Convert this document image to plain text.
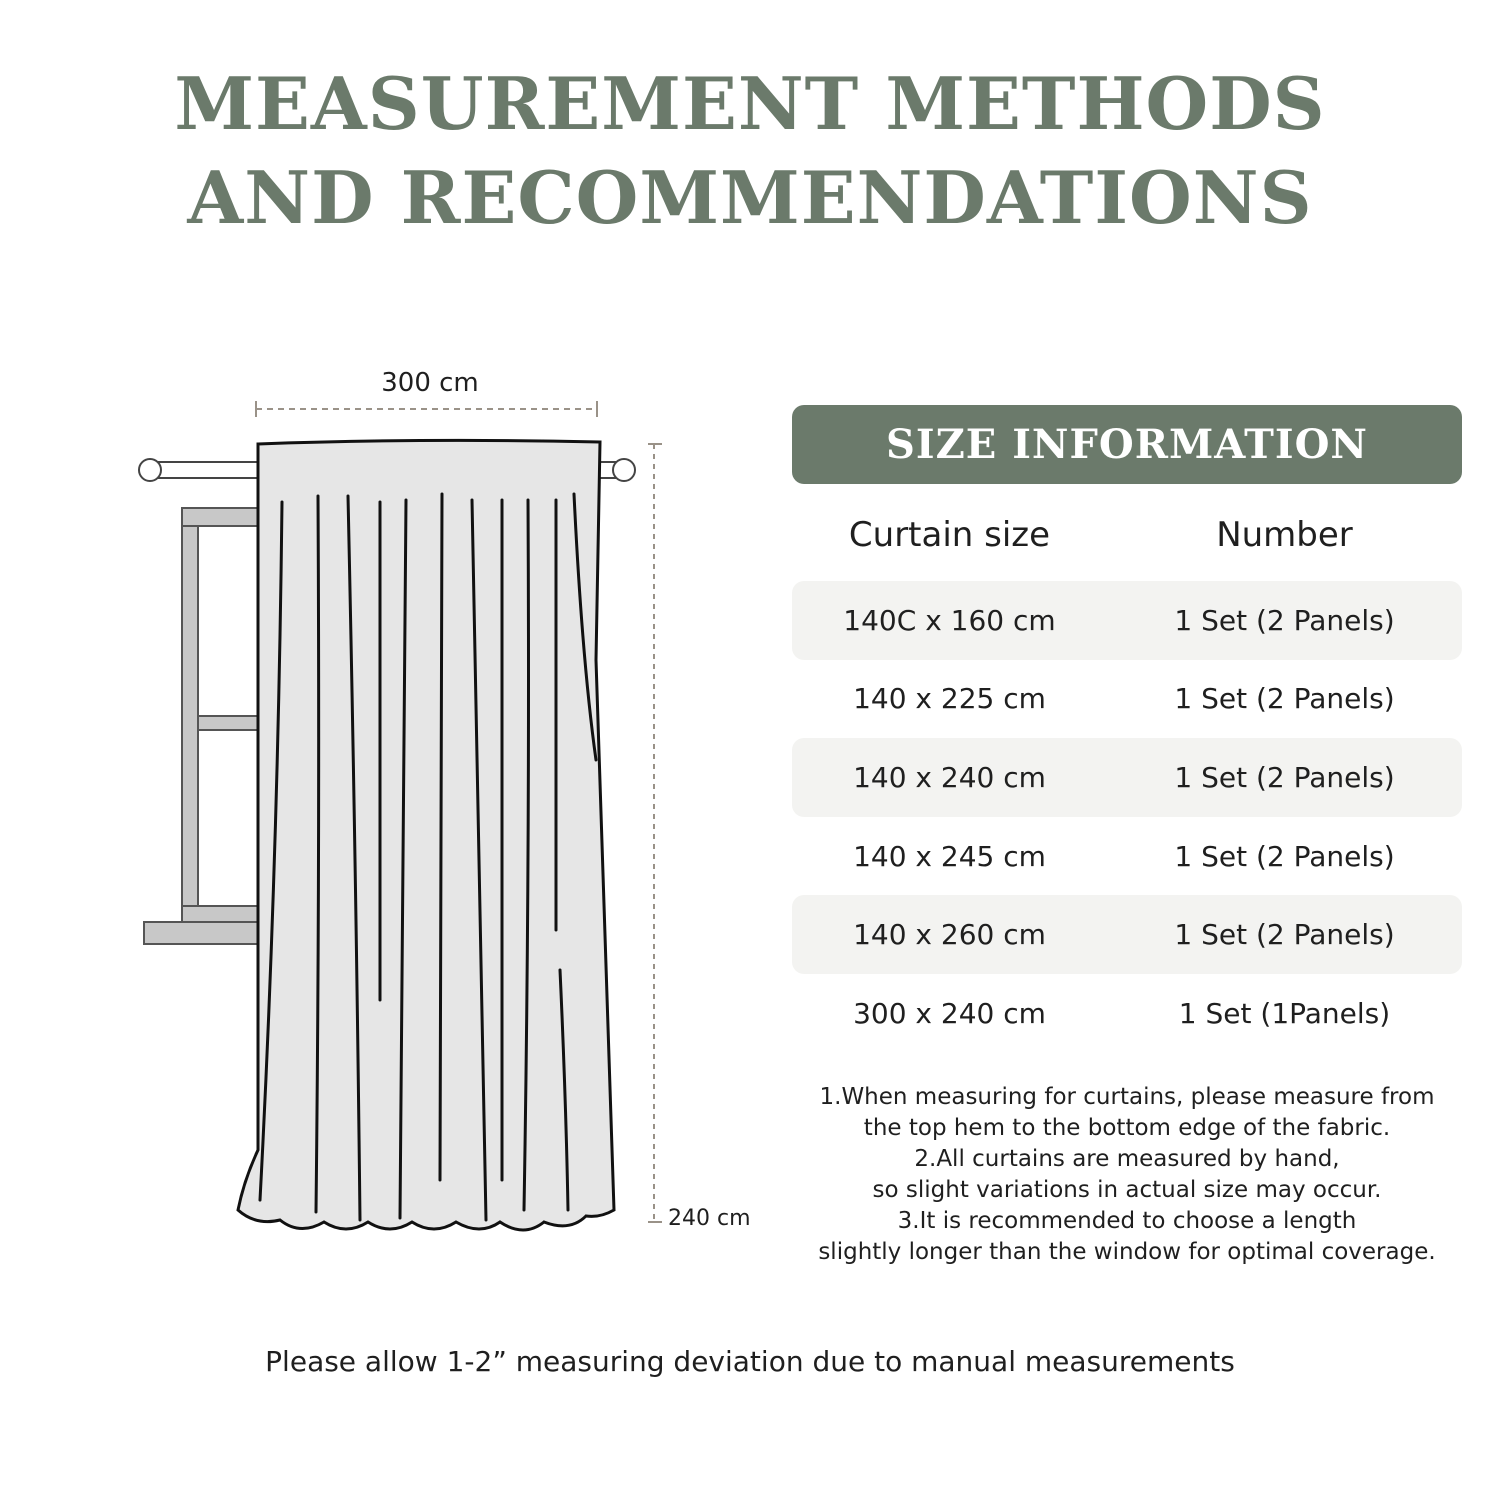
MEASUREMENT METHODS
AND RECOMMENDATIONS
300 cm
240 cm
SIZE INFORMATION
Curtain size	Number
140C x 160 cm	1 Set (2 Panels)
140 x 225 cm	1 Set (2 Panels)
140 x 240 cm	1 Set (2 Panels)
140 x 245 cm	1 Set (2 Panels)
140 x 260 cm	1 Set (2 Panels)
300 x 240 cm	1 Set (1Panels)
1.When measuring for curtains, please measure from
the top hem to the bottom edge of the fabric.
2.All curtains are measured by hand,
so slight variations in actual size may occur.
3.It is recommended to choose a length
slightly longer than the window for optimal coverage.
Please allow 1-2” measuring deviation due to manual measurements
